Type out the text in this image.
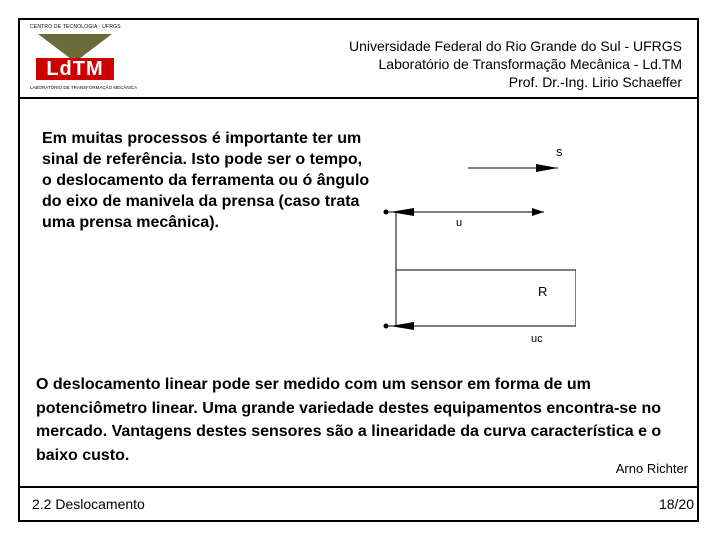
CENTRO DE TECNOLOGIA · UFRGS
LdTM
LABORATÓRIO DE TRANSFORMAÇÃO MECÂNICA
Universidade Federal do Rio Grande do Sul - UFRGS
Laboratório de Transformação Mecânica - Ld.TM
Prof. Dr.-Ing. Lirio Schaeffer
Em muitas processos é importante ter um sinal de referência. Isto pode ser o tempo, o deslocamento da ferramenta ou ó ângulo do eixo de manivela da prensa (caso trata uma prensa mecânica).
s
u
R
uc
O deslocamento linear pode ser medido com um sensor em forma de um potenciômetro linear. Uma grande variedade destes equipamentos encontra-se no mercado. Vantagens destes sensores são a linearidade da curva característica e o baixo custo.
Arno Richter
2.2 Deslocamento	18/20
